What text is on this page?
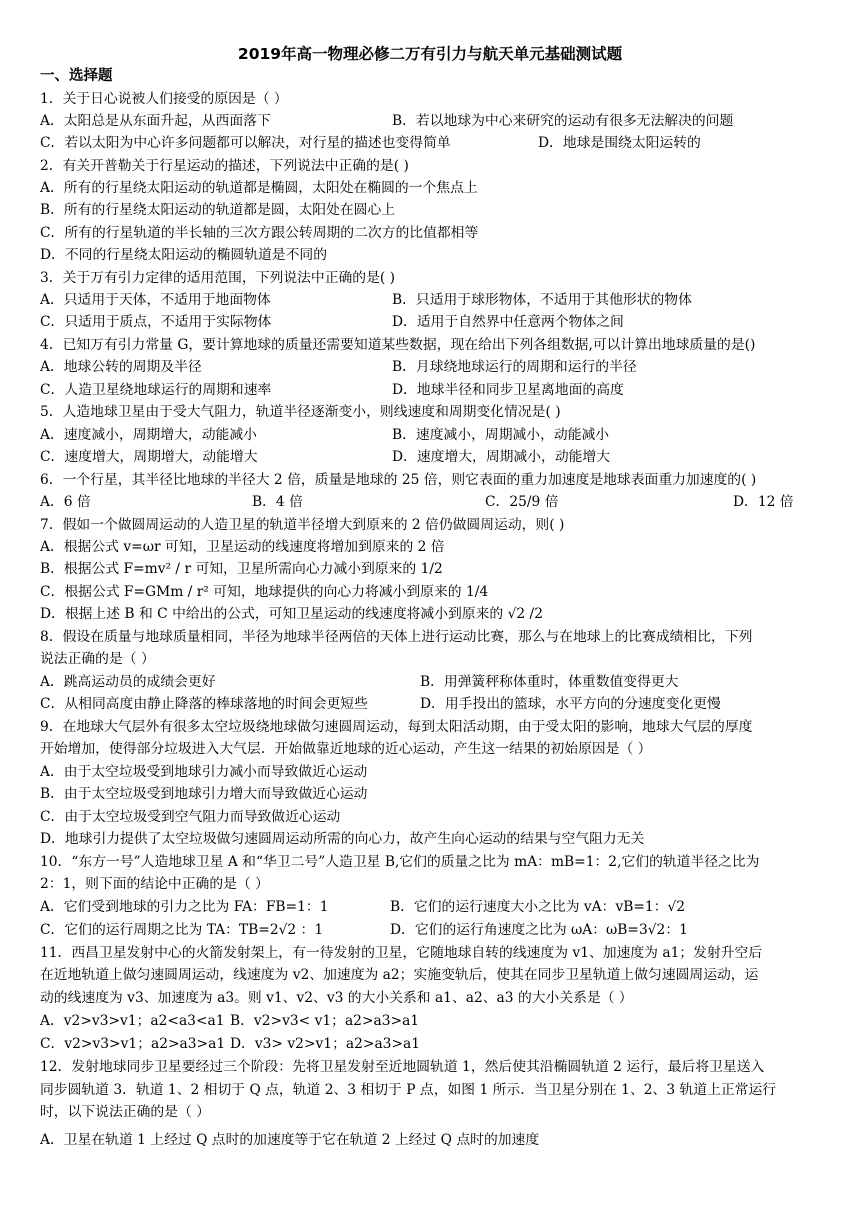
2019年高一物理必修二万有引力与航天单元基础测试题
一、选择题
1．关于日心说被人们接受的原因是（ ）
A．太阳总是从东面升起，从西面落下	B．若以地球为中心来研究的运动有很多无法解决的问题
C．若以太阳为中心许多问题都可以解决，对行星的描述也变得简单	D．地球是围绕太阳运转的
2．有关开普勒关于行星运动的描述，下列说法中正确的是( )
A．所有的行星绕太阳运动的轨道都是椭圆，太阳处在椭圆的一个焦点上
B．所有的行星绕太阳运动的轨道都是圆，太阳处在圆心上
C．所有的行星轨道的半长轴的三次方跟公转周期的二次方的比值都相等
D．不同的行星绕太阳运动的椭圆轨道是不同的
3．关于万有引力定律的适用范围，下列说法中正确的是( )
A．只适用于天体，不适用于地面物体	B．只适用于球形物体，不适用于其他形状的物体
C．只适用于质点，不适用于实际物体	D．适用于自然界中任意两个物体之间
4．已知万有引力常量 G，要计算地球的质量还需要知道某些数据，现在给出下列各组数据,可以计算出地球质量的是()
A．地球公转的周期及半径	B．月球绕地球运行的周期和运行的半径
C．人造卫星绕地球运行的周期和速率	D．地球半径和同步卫星离地面的高度
5．人造地球卫星由于受大气阻力，轨道半径逐渐变小，则线速度和周期变化情况是( )
A．速度减小，周期增大，动能减小	B．速度减小，周期减小，动能减小
C．速度增大，周期增大，动能增大	D．速度增大，周期减小，动能增大
6．一个行星，其半径比地球的半径大 2 倍，质量是地球的 25 倍，则它表面的重力加速度是地球表面重力加速度的( )
A．6 倍	B．4 倍	C．25/9 倍	D．12 倍
7．假如一个做圆周运动的人造卫星的轨道半径增大到原来的 2 倍仍做圆周运动，则( )
A．根据公式 v=ωr 可知，卫星运动的线速度将增加到原来的 2 倍
B．根据公式 F=mv² / r 可知，卫星所需向心力减小到原来的 1/2
C．根据公式 F=GMm / r² 可知，地球提供的向心力将减小到原来的 1/4
D．根据上述 B 和 C 中给出的公式，可知卫星运动的线速度将减小到原来的 √2 /2
8．假设在质量与地球质量相同，半径为地球半径两倍的天体上进行运动比赛，那么与在地球上的比赛成绩相比，下列
说法正确的是（ ）
A．跳高运动员的成绩会更好	B．用弹簧秤称体重时，体重数值变得更大
C．从相同高度由静止降落的棒球落地的时间会更短些	D．用手投出的篮球，水平方向的分速度变化更慢
9．在地球大气层外有很多太空垃圾绕地球做匀速圆周运动，每到太阳活动期，由于受太阳的影响，地球大气层的厚度
开始增加，使得部分垃圾进入大气层．开始做靠近地球的近心运动，产生这一结果的初始原因是（ ）
A．由于太空垃圾受到地球引力减小而导致做近心运动
B．由于太空垃圾受到地球引力增大而导致做近心运动
C．由于太空垃圾受到空气阻力而导致做近心运动
D．地球引力提供了太空垃圾做匀速圆周运动所需的向心力，故产生向心运动的结果与空气阻力无关
10．“东方一号”人造地球卫星 A 和“华卫二号”人造卫星 B,它们的质量之比为 mA：mB=1：2,它们的轨道半径之比为
2：1，则下面的结论中正确的是（ ）
A．它们受到地球的引力之比为 FA：FB=1：1	B．它们的运行速度大小之比为 vA：vB=1：√2
C．它们的运行周期之比为 TA：TB=2√2 ：1	D．它们的运行角速度之比为 ωA：ωB=3√2：1
11．西昌卫星发射中心的火箭发射架上，有一待发射的卫星，它随地球自转的线速度为 v1、加速度为 a1；发射升空后
在近地轨道上做匀速圆周运动，线速度为 v2、加速度为 a2；实施变轨后，使其在同步卫星轨道上做匀速圆周运动，运
动的线速度为 v3、加速度为 a3。则 v1、v2、v3 的大小关系和 a1、a2、a3 的大小关系是（ ）
A．v2>v3>v1；a2<a3<a1 B．v2>v3< v1；a2>a3>a1
C．v2>v3>v1；a2>a3>a1 D．v3> v2>v1；a2>a3>a1
12．发射地球同步卫星要经过三个阶段：先将卫星发射至近地圆轨道 1，然后使其沿椭圆轨道 2 运行，最后将卫星送入
同步圆轨道 3．轨道 1、2 相切于 Q 点，轨道 2、3 相切于 P 点，如图 1 所示．当卫星分别在 1、2、3 轨道上正常运行
时，以下说法正确的是（ ）
A．卫星在轨道 1 上经过 Q 点时的加速度等于它在轨道 2 上经过 Q 点时的加速度
